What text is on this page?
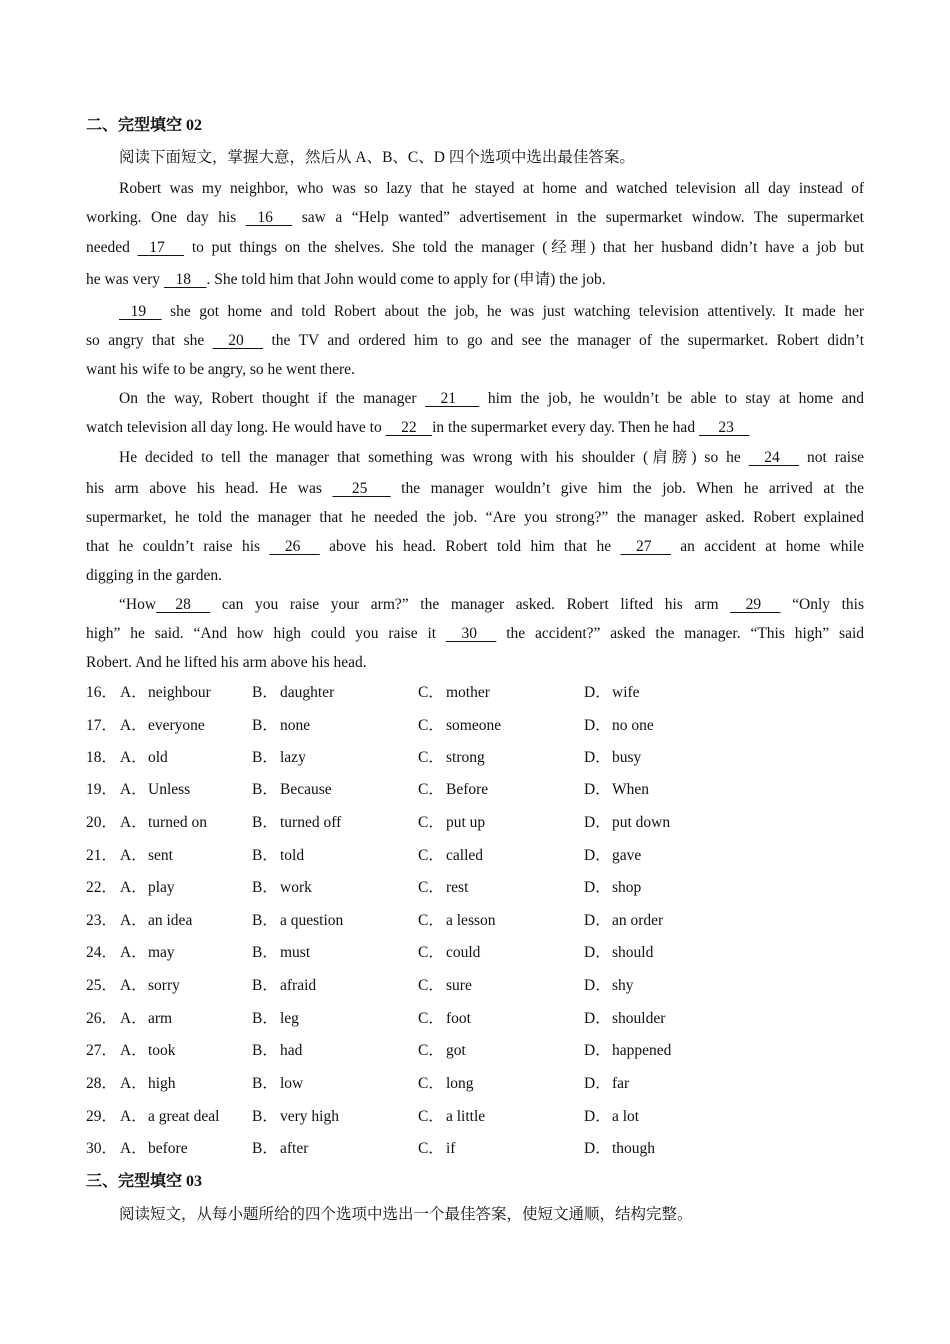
二、完型填空 02
阅读下面短文，掌握大意，然后从 A、B、C、D 四个选项中选出最佳答案。
Robert was my neighbor, who was so lazy that he stayed at home and watched television all day instead of
working. One day his 16 saw a “Help wanted” advertisement in the supermarket window. The supermarket
needed 17 to put things on the shelves. She told the manager (经理) that her husband didn’t have a job but
he was very 18 . She told him that John would come to apply for (申请) the job.
19 she got home and told Robert about the job, he was just watching television attentively. It made her
so angry that she 20 the TV and ordered him to go and see the manager of the supermarket. Robert didn’t
want his wife to be angry, so he went there.
On the way, Robert thought if the manager 21 him the job, he wouldn’t be able to stay at home and
watch television all day long. He would have to 22 in the supermarket every day. Then he had 23
He decided to tell the manager that something was wrong with his shoulder (肩膀) so he 24 not raise
his arm above his head. He was 25 the manager wouldn’t give him the job. When he arrived at the
supermarket, he told the manager that he needed the job. “Are you strong?” the manager asked. Robert explained
that he couldn’t raise his 26 above his head. Robert told him that he 27 an accident at home while
digging in the garden.
“How 28 can you raise your arm?” the manager asked. Robert lifted his arm 29 “Only this
high” he said. “And how high could you raise it 30 the accident?” asked the manager. “This high” said
Robert. And he lifted his arm above his head.
16． A．neighbour	B． daughter	C． mother	D．wife
17． A．everyone	B． none	C． someone	D．no one
18． A．old	B． lazy	C． strong	D．busy
19． A．Unless	B． Because	C． Before	D．When
20． A．turned on	B． turned off	C． put up	D．put down
21． A．sent	B． told	C． called	D．gave
22． A．play	B． work	C． rest	D．shop
23． A．an idea	B． a question	C． a lesson	D．an order
24． A．may	B． must	C． could	D．should
25． A．sorry	B． afraid	C． sure	D．shy
26． A．arm	B． leg	C． foot	D．shoulder
27． A．took	B． had	C． got	D．happened
28． A．high	B． low	C． long	D．far
29． A．a great deal B． very high	C． a little	D．a lot
30． A．before	B． after	C． if	D．though
三、完型填空 03
阅读短文，从每小题所给的四个选项中选出一个最佳答案，使短文通顺，结构完整。
